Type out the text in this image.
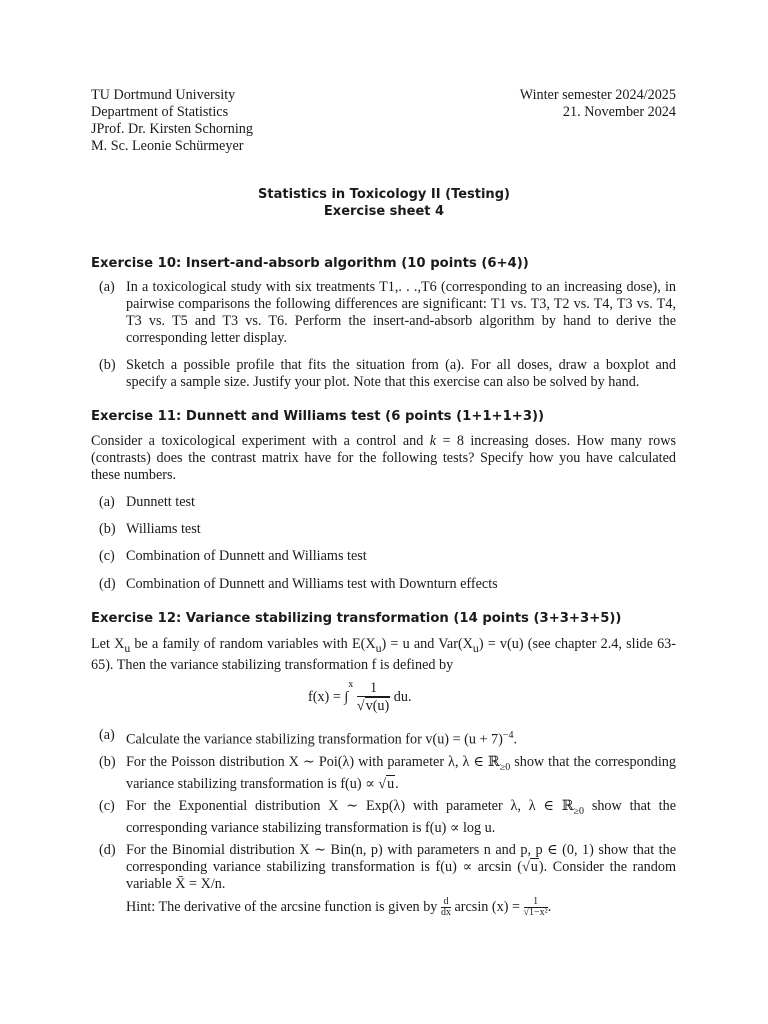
TU Dortmund University
Department of Statistics
JProf. Dr. Kirsten Schorning
M. Sc. Leonie Schürmeyer
Winter semester 2024/2025
21. November 2024
Statistics in Toxicology II (Testing)
Exercise sheet 4
Exercise 10: Insert-and-absorb algorithm (10 points (6+4))
(a) In a toxicological study with six treatments T1,. . .,T6 (corresponding to an increasing dose), in pairwise comparisons the following differences are significant: T1 vs. T3, T2 vs. T4, T3 vs. T4, T3 vs. T5 and T3 vs. T6. Perform the insert-and-absorb algorithm by hand to derive the corresponding letter display.
(b) Sketch a possible profile that fits the situation from (a). For all doses, draw a boxplot and specify a sample size. Justify your plot. Note that this exercise can also be solved by hand.
Exercise 11: Dunnett and Williams test (6 points (1+1+1+3))
Consider a toxicological experiment with a control and k = 8 increasing doses. How many rows (contrasts) does the contrast matrix have for the following tests? Specify how you have calculated these numbers.
(a) Dunnett test
(b) Williams test
(c) Combination of Dunnett and Williams test
(d) Combination of Dunnett and Williams test with Downturn effects
Exercise 12: Variance stabilizing transformation (14 points (3+3+3+5))
Let $X_u$ be a family of random variables with $E(X_u) = u$ and $Var(X_u) = v(u)$ (see chapter 2.4, slide 63-65). Then the variance stabilizing transformation f is defined by
$f(x) = \int^x \frac{1}{√v(u)}$ du.
(a) Calculate the variance stabilizing transformation for $v(u) = (u + 7)^{-4}$.
(b) For the Poisson distribution X ∼ Poi(λ) with parameter λ, λ ∈ ℝ$_{\ge 0}$ show that the corresponding variance stabilizing transformation is f(u) ∝ √u.
(c) For the Exponential distribution X ∼ Exp(λ) with parameter λ, λ ∈ ℝ$_{\ge 0}$ show that the corresponding variance stabilizing transformation is f(u) ∝ log u.
(d) For the Binomial distribution X ∼ Bin(n, p) with parameters n and p, p ∈ (0, 1) show that the corresponding variance stabilizing transformation is f(u) ∝ arcsin (√u). Consider the random variable X̄ = X/n.
Hint: The derivative of the arcsine function is given by $\frac{d}{dx}$ $\arcsin (x) = \frac{1}{\text{√1−x²}}$ .
